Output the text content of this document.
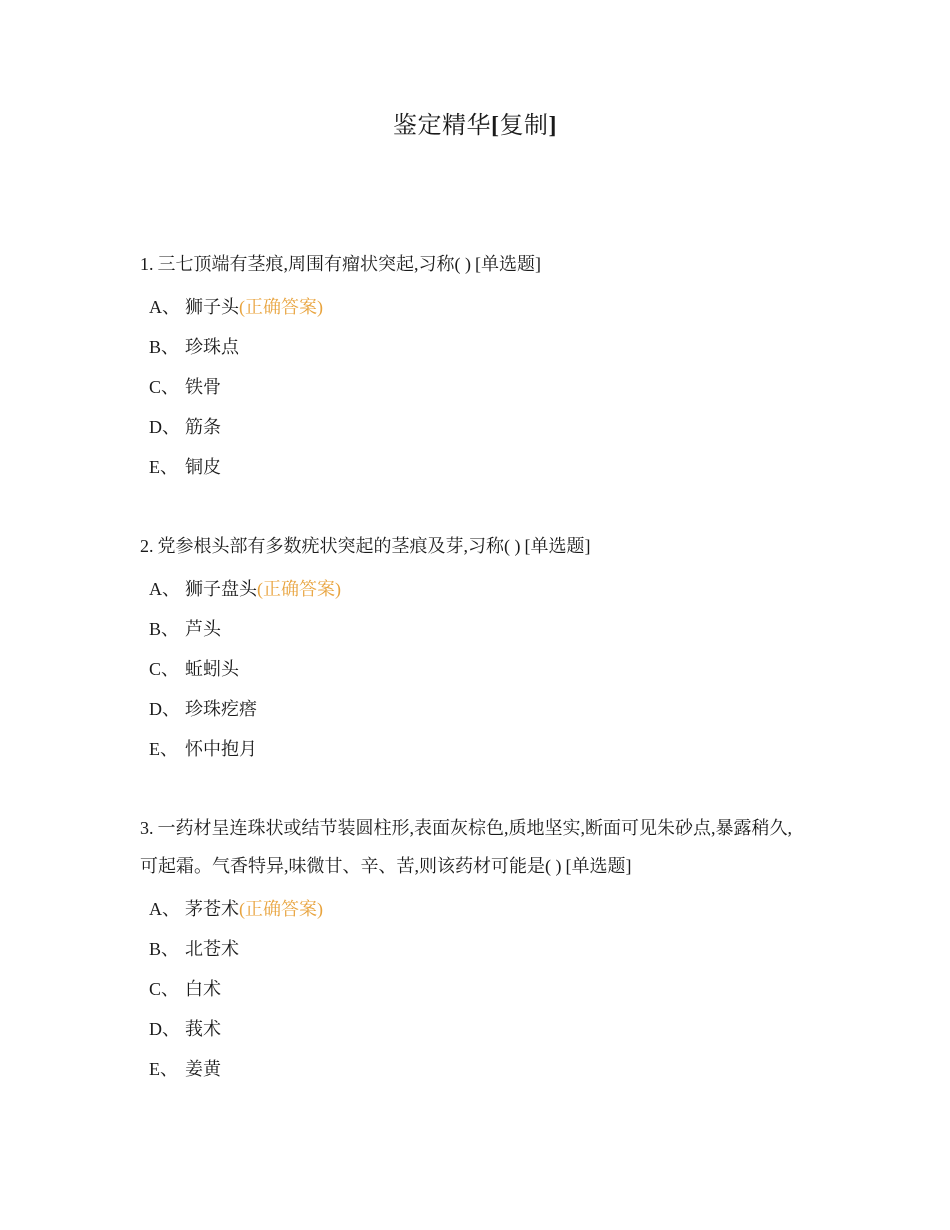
鉴定精华[复制]

1. 三七顶端有茎痕,周围有瘤状突起,习称( ) [单选题]

A、 狮子头(正确答案)
B、 珍珠点
C、 铁骨
D、 筋条
E、 铜皮

2. 党参根头部有多数疣状突起的茎痕及芽,习称( ) [单选题]

A、 狮子盘头(正确答案)
B、 芦头
C、 蚯蚓头
D、 珍珠疙瘩
E、 怀中抱月

3. 一药材呈连珠状或结节装圆柱形,表面灰棕色,质地坚实,断面可见朱砂点,暴露稍久,可起霜。气香特异,味微甘、辛、苦,则该药材可能是( ) [单选题]

A、 茅苍术(正确答案)
B、 北苍术
C、 白术
D、 莪术
E、 姜黄
